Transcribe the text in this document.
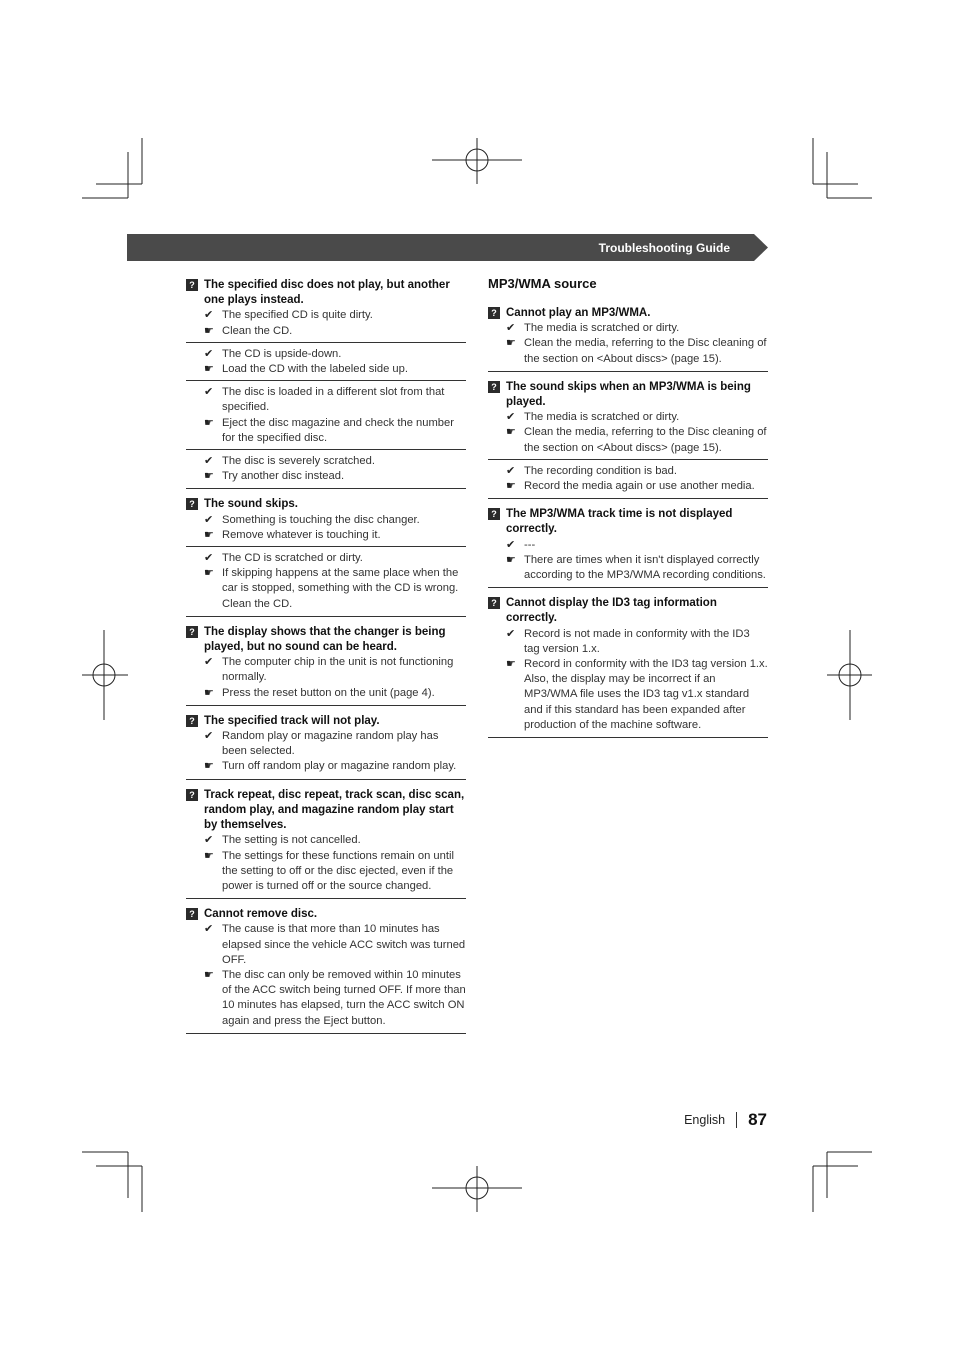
Troubleshooting Guide
? The specified disc does not play, but another one plays instead.
✔ The specified CD is quite dirty.
☛ Clean the CD.
✔ The CD is upside-down.
☛ Load the CD with the labeled side up.
✔ The disc is loaded in a different slot from that specified.
☛ Eject the disc magazine and check the number for the specified disc.
✔ The disc is severely scratched.
☛ Try another disc instead.
? The sound skips.
✔ Something is touching the disc changer.
☛ Remove whatever is touching it.
✔ The CD is scratched or dirty.
☛ If skipping happens at the same place when the car is stopped, something with the CD is wrong. Clean the CD.
? The display shows that the changer is being played, but no sound can be heard.
✔ The computer chip in the unit is not functioning normally.
☛ Press the reset button on the unit (page 4).
? The specified track will not play.
✔ Random play or magazine random play has been selected.
☛ Turn off random play or magazine random play.
? Track repeat, disc repeat, track scan, disc scan, random play, and magazine random play start by themselves.
✔ The setting is not cancelled.
☛ The settings for these functions remain on until the setting to off or the disc ejected, even if the power is turned off or the source changed.
? Cannot remove disc.
✔ The cause is that more than 10 minutes has elapsed since the vehicle ACC switch was turned OFF.
☛ The disc can only be removed within 10 minutes of the ACC switch being turned OFF. If more than 10 minutes has elapsed, turn the ACC switch ON again and press the Eject button.
MP3/WMA source
? Cannot play an MP3/WMA.
✔ The media is scratched or dirty.
☛ Clean the media, referring to the Disc cleaning of the section on <About discs> (page 15).
? The sound skips when an MP3/WMA is being played.
✔ The media is scratched or dirty.
☛ Clean the media, referring to the Disc cleaning of the section on <About discs> (page 15).
✔ The recording condition is bad.
☛ Record the media again or use another media.
? The MP3/WMA track time is not displayed correctly.
✔ ---
☛ There are times when it isn't displayed correctly according to the MP3/WMA recording conditions.
? Cannot display the ID3 tag information correctly.
✔ Record is not made in conformity with the ID3 tag version 1.x.
☛ Record in conformity with the ID3 tag version 1.x.
Also, the display may be incorrect if an MP3/WMA file uses the ID3 tag v1.x standard and if this standard has been expanded after production of the machine software.
English 87
